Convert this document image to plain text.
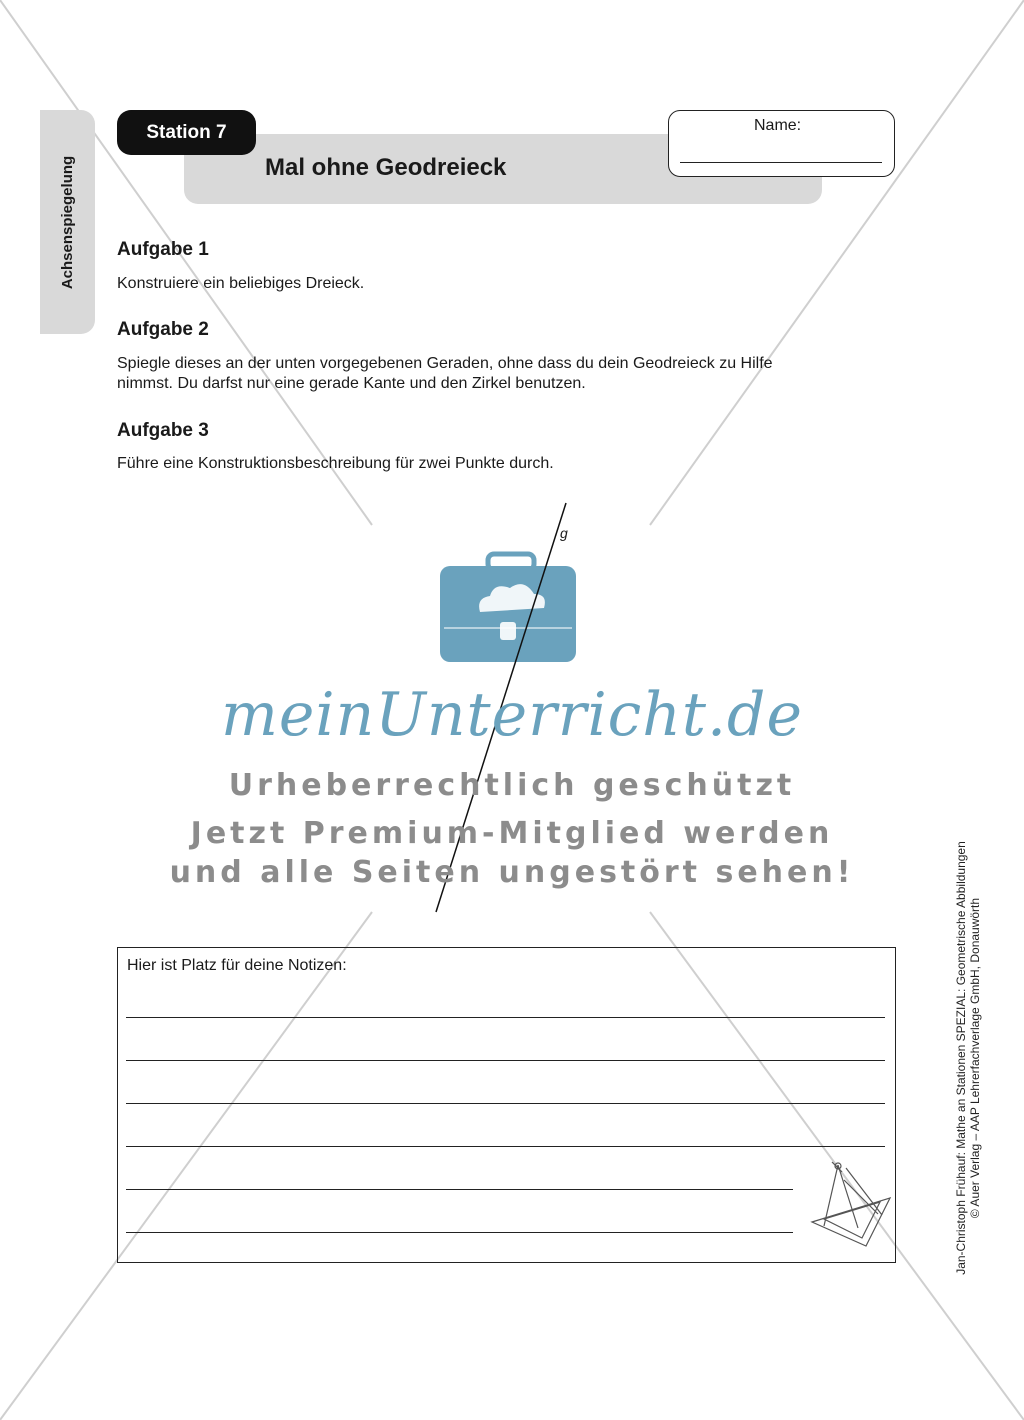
Achsenspiegelung
Station 7
Mal ohne Geodreieck
Name:
Aufgabe 1
Konstruiere ein beliebiges Dreieck.
Aufgabe 2
Spiegle dieses an der unten vorgegebenen Geraden, ohne dass du dein Geodreieck zu Hilfe
nimmst. Du darfst nur eine gerade Kante und den Zirkel benutzen.
Aufgabe 3
Führe eine Konstruktionsbeschreibung für zwei Punkte durch.
g
meinUnterricht.de
Urheberrechtlich geschützt
Jetzt Premium-Mitglied werden
und alle Seiten ungestört sehen!
Hier ist Platz für deine Notizen:	Jan-Christoph Frühauf: Mathe an Stationen SPEZIAL: Geometrische Abbildungen © Auer Verlag – AAP Lehrerfachverlage GmbH, Donauwörth
